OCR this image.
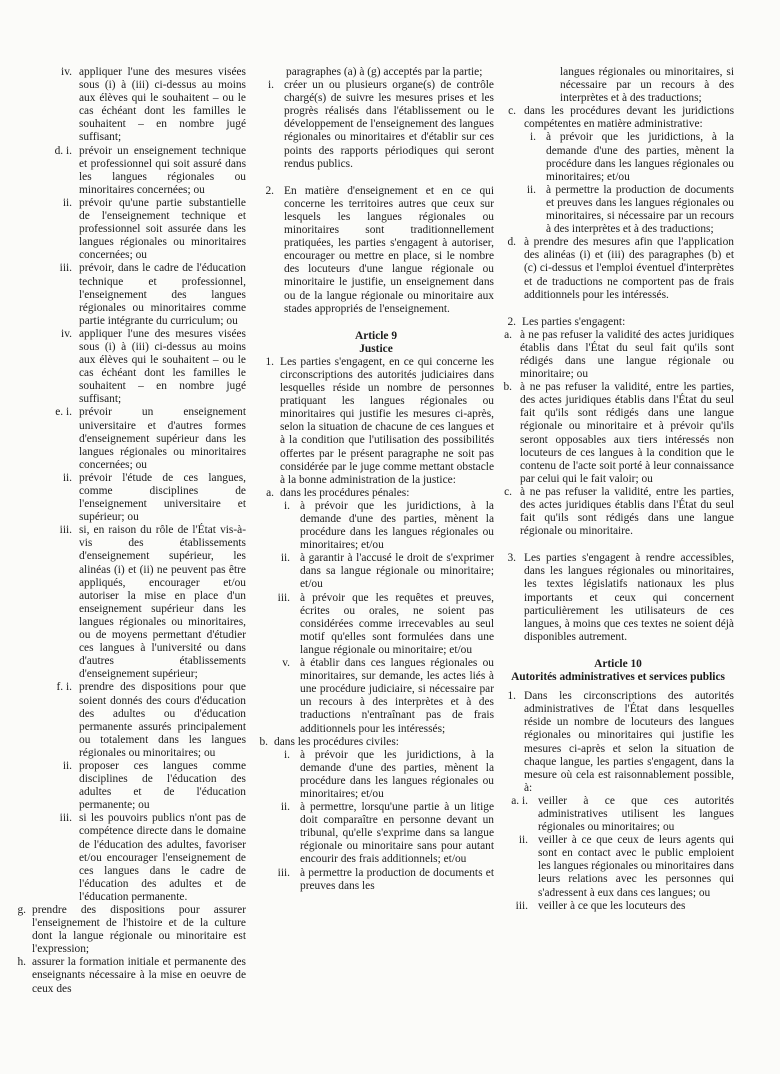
iv. appliquer l'une des mesures visées sous (i) à (iii) ci-dessus au moins aux élèves qui le souhaitent – ou le cas échéant dont les familles le souhaitent – en nombre jugé suffisant;
d. i. prévoir un enseignement technique et professionnel qui soit assuré dans les langues régionales ou minoritaires concernées; ou
ii. prévoir qu'une partie substantielle de l'enseignement technique et professionnel soit assurée dans les langues régionales ou minoritaires concernées; ou
iii. prévoir, dans le cadre de l'éducation technique et professionnel, l'enseignement des langues régionales ou minoritaires comme partie intégrante du curriculum; ou
iv. appliquer l'une des mesures visées sous (i) à (iii) ci-dessus au moins aux élèves qui le souhaitent – ou le cas échéant dont les familles le souhaitent – en nombre jugé suffisant;
e. i. prévoir un enseignement universitaire et d'autres formes d'enseignement supérieur dans les langues régionales ou minoritaires concernées; ou
ii. prévoir l'étude de ces langues, comme disciplines de l'enseignement universitaire et supérieur; ou
iii. si, en raison du rôle de l'État vis-à-vis des établissements d'enseignement supérieur, les alinéas (i) et (ii) ne peuvent pas être appliqués, encourager et/ou autoriser la mise en place d'un enseignement supérieur dans les langues régionales ou minoritaires, ou de moyens permettant d'étudier ces langues à l'université ou dans d'autres établissements d'enseignement supérieur;
f. i. prendre des dispositions pour que soient donnés des cours d'éducation des adultes ou d'éducation permanente assurés principalement ou totalement dans les langues régionales ou minoritaires; ou
ii. proposer ces langues comme disciplines de l'éducation des adultes et de l'éducation permanente; ou
iii. si les pouvoirs publics n'ont pas de compétence directe dans le domaine de l'éducation des adultes, favoriser et/ou encourager l'enseignement de ces langues dans le cadre de l'éducation des adultes et de l'éducation permanente.
g. prendre des dispositions pour assurer l'enseignement de l'histoire et de la culture dont la langue régionale ou minoritaire est l'expression;
h. assurer la formation initiale et permanente des enseignants nécessaire à la mise en oeuvre de ceux des
paragraphes (a) à (g) acceptés par la partie;
i. créer un ou plusieurs organe(s) de contrôle chargé(s) de suivre les mesures prises et les progrès réalisés dans l'établissement ou le développement de l'enseignement des langues régionales ou minoritaires et d'établir sur ces points des rapports périodiques qui seront rendus publics.
2. En matière d'enseignement et en ce qui concerne les territoires autres que ceux sur lesquels les langues régionales ou minoritaires sont traditionnellement pratiquées, les parties s'engagent à autoriser, encourager ou mettre en place, si le nombre des locuteurs d'une langue régionale ou minoritaire le justifie, un enseignement dans ou de la langue régionale ou minoritaire aux stades appropriés de l'enseignement.

Article 9

Justice

1. Les parties s'engagent, en ce qui concerne les circonscriptions des autorités judiciaires dans lesquelles réside un nombre de personnes pratiquant les langues régionales ou minoritaires qui justifie les mesures ci-après, selon la situation de chacune de ces langues et à la condition que l'utilisation des possibilités offertes par le présent paragraphe ne soit pas considérée par le juge comme mettant obstacle à la bonne administration de la justice:
a. dans les procédures pénales:
i. à prévoir que les juridictions, à la demande d'une des parties, mènent la procédure dans les langues régionales ou minoritaires; et/ou
ii. à garantir à l'accusé le droit de s'exprimer dans sa langue régionale ou minoritaire; et/ou
iii. à prévoir que les requêtes et preuves, écrites ou orales, ne soient pas considérées comme irrecevables au seul motif qu'elles sont formulées dans une langue régionale ou minoritaire; et/ou
v. à établir dans ces langues régionales ou minoritaires, sur demande, les actes liés à une procédure judiciaire, si nécessaire par un recours à des interprètes et à des traductions n'entraînant pas de frais additionnels pour les intéressés;
b. dans les procédures civiles:
i. à prévoir que les juridictions, à la demande d'une des parties, mènent la procédure dans les langues régionales ou minoritaires; et/ou
ii. à permettre, lorsqu'une partie à un litige doit comparaître en personne devant un tribunal, qu'elle s'exprime dans sa langue régionale ou minoritaire sans pour autant encourir des frais additionnels; et/ou
iii. à permettre la production de documents et preuves dans les
langues régionales ou minoritaires, si nécessaire par un recours à des interprètes et à des traductions;
c. dans les procédures devant les juridictions compétentes en matière administrative:
i. à prévoir que les juridictions, à la demande d'une des parties, mènent la procédure dans les langues régionales ou minoritaires; et/ou
ii. à permettre la production de documents et preuves dans les langues régionales ou minoritaires, si nécessaire par un recours à des interprètes et à des traductions;
d. à prendre des mesures afin que l'application des alinéas (i) et (iii) des paragraphes (b) et (c) ci-dessus et l'emploi éventuel d'interprètes et de traductions ne comportent pas de frais additionnels pour les intéressés.
2. Les parties s'engagent:
a. à ne pas refuser la validité des actes juridiques établis dans l'État du seul fait qu'ils sont rédigés dans une langue régionale ou minoritaire; ou
b. à ne pas refuser la validité, entre les parties, des actes juridiques établis dans l'État du seul fait qu'ils sont rédigés dans une langue régionale ou minoritaire et à prévoir qu'ils seront opposables aux tiers intéressés non locuteurs de ces langues à la condition que le contenu de l'acte soit porté à leur connaissance par celui qui le fait valoir; ou
c. à ne pas refuser la validité, entre les parties, des actes juridiques établis dans l'État du seul fait qu'ils sont rédigés dans une langue régionale ou minoritaire.
3. Les parties s'engagent à rendre accessibles, dans les langues régionales ou minoritaires, les textes législatifs nationaux les plus importants et ceux qui concernent particulièrement les utilisateurs de ces langues, à moins que ces textes ne soient déjà disponibles autrement.

Article 10

Autorités administratives et services publics

1. Dans les circonscriptions des autorités administratives de l'État dans lesquelles réside un nombre de locuteurs des langues régionales ou minoritaires qui justifie les mesures ci-après et selon la situation de chaque langue, les parties s'engagent, dans la mesure où cela est raisonnablement possible, à:
a. i. veiller à ce que ces autorités administratives utilisent les langues régionales ou minoritaires; ou
ii. veiller à ce que ceux de leurs agents qui sont en contact avec le public emploient les langues régionales ou minoritaires dans leurs relations avec les personnes qui s'adressent à eux dans ces langues; ou
iii. veiller à ce que les locuteurs des
